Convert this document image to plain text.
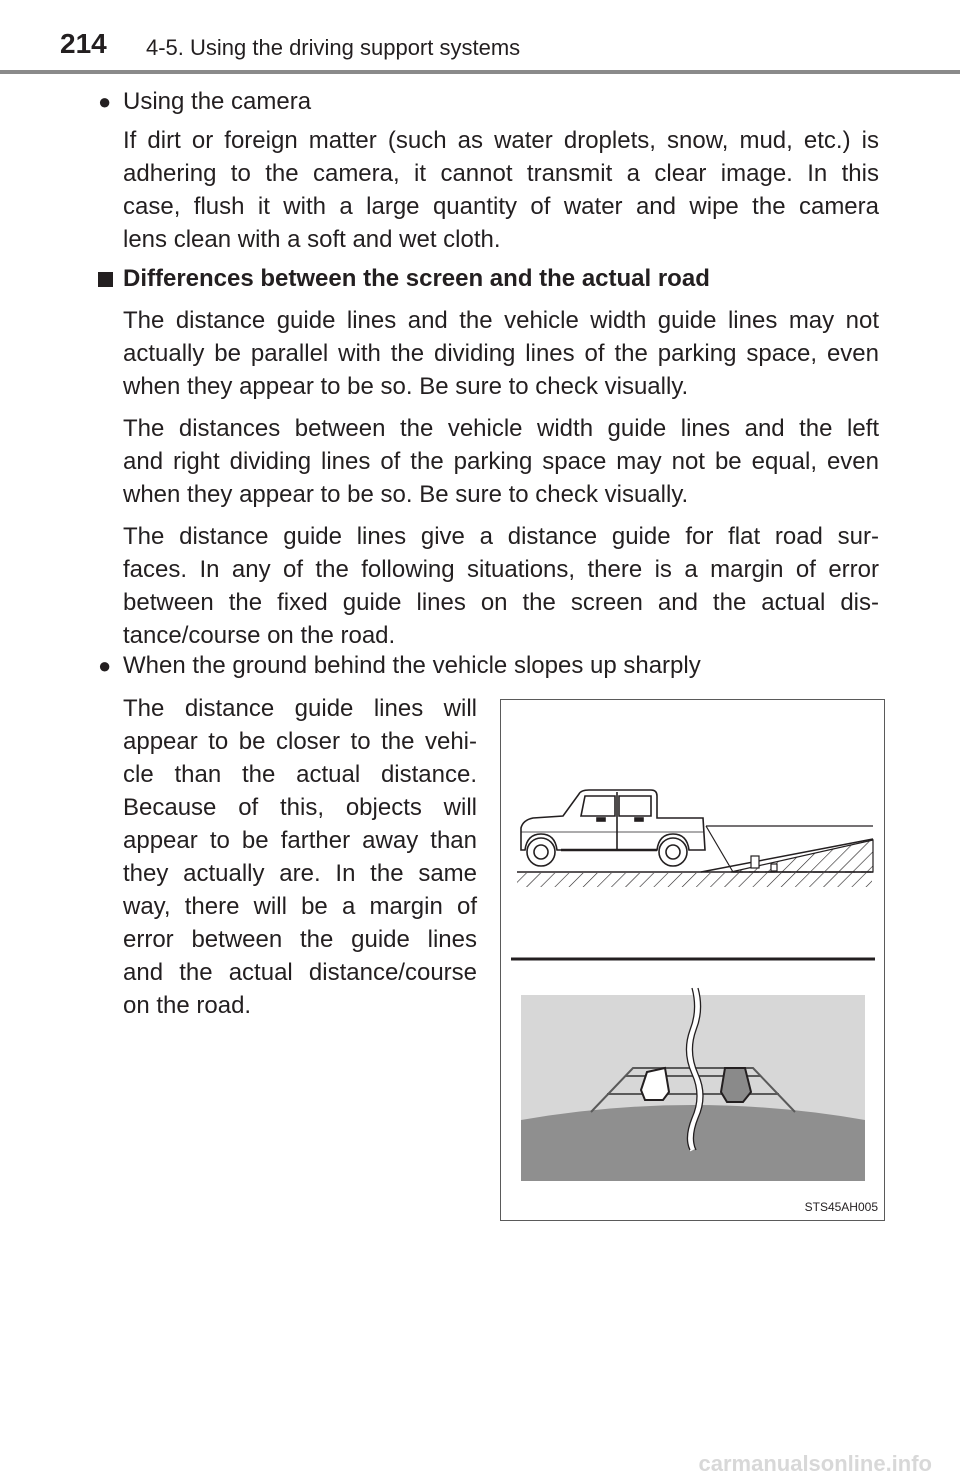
214 4-5. Using the driving support systems
● Using the camera
If dirt or foreign matter (such as water droplets, snow, mud, etc.) is
adhering to the camera, it cannot transmit a clear image. In this
case, flush it with a large quantity of water and wipe the camera
lens clean with a soft and wet cloth.
Differences between the screen and the actual road
The distance guide lines and the vehicle width guide lines may not
actually be parallel with the dividing lines of the parking space, even
when they appear to be so. Be sure to check visually.
The distances between the vehicle width guide lines and the left
and right dividing lines of the parking space may not be equal, even
when they appear to be so. Be sure to check visually.
The distance guide lines give a distance guide for flat road sur-
faces. In any of the following situations, there is a margin of error
between the fixed guide lines on the screen and the actual dis-
tance/course on the road.
● When the ground behind the vehicle slopes up sharply
The distance guide lines will
appear to be closer to the vehi-
cle than the actual distance.
Because of this, objects will
appear to be farther away than
they actually are. In the same
way, there will be a margin of
error between the guide lines
and the actual distance/course
on the road.
STS45AH005
carmanualsonline.info
